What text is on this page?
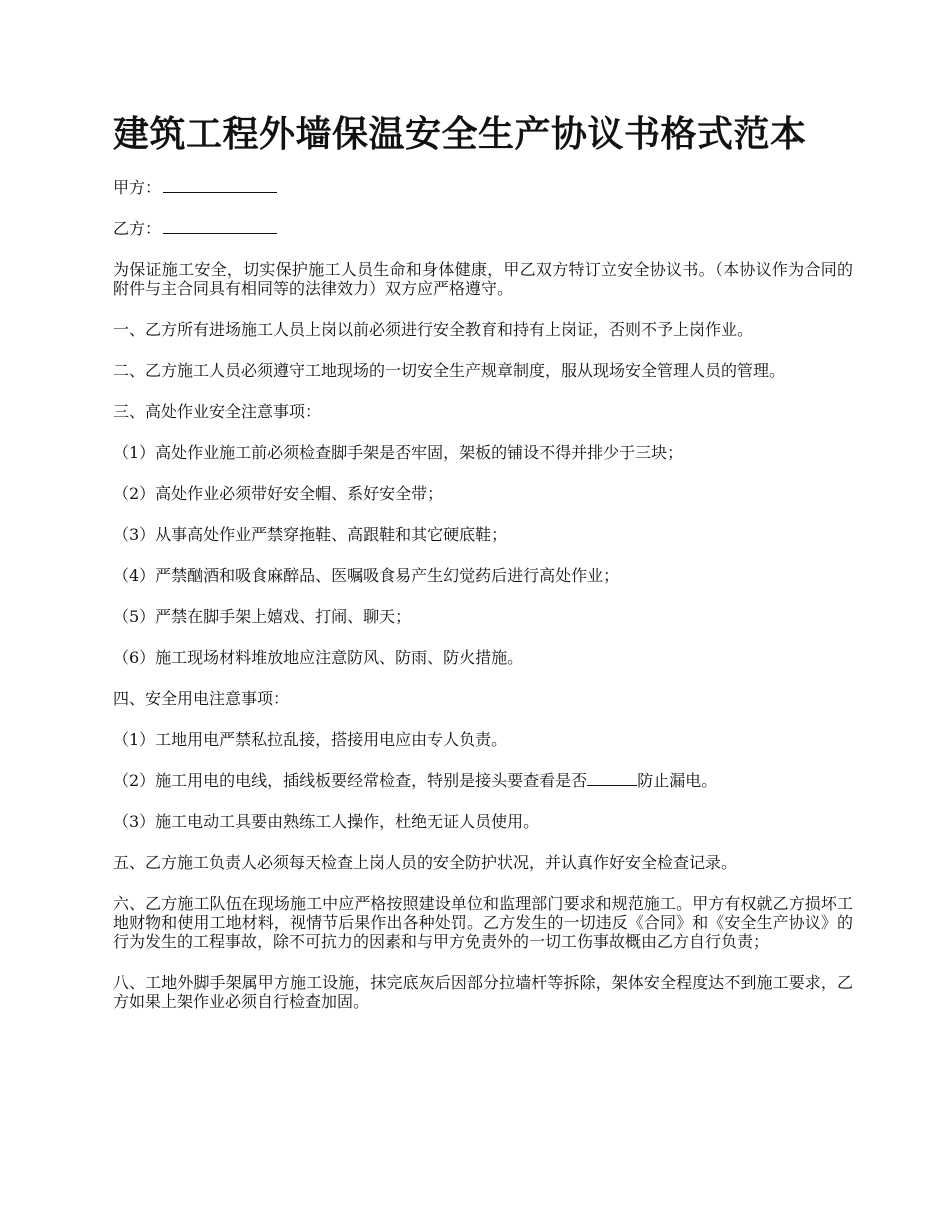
建筑工程外墙保温安全生产协议书格式范本
甲方：
乙方：

为保证施工安全，切实保护施工人员生命和身体健康，甲乙双方特订立安全协议书。（本协议作为合同的附件与主合同具有相同等的法律效力）双方应严格遵守。

一、乙方所有进场施工人员上岗以前必须进行安全教育和持有上岗证，否则不予上岗作业。

二、乙方施工人员必须遵守工地现场的一切安全生产规章制度，服从现场安全管理人员的管理。

三、高处作业安全注意事项：

（1）高处作业施工前必须检查脚手架是否牢固，架板的铺设不得并排少于三块；

（2）高处作业必须带好安全帽、系好安全带；

（3）从事高处作业严禁穿拖鞋、高跟鞋和其它硬底鞋；

（4）严禁酗酒和吸食麻醉品、医嘱吸食易产生幻觉药后进行高处作业；

（5）严禁在脚手架上嬉戏、打闹、聊天；

（6）施工现场材料堆放地应注意防风、防雨、防火措施。

四、安全用电注意事项：

（1）工地用电严禁私拉乱接，搭接用电应由专人负责。

（2）施工用电的电线，插线板要经常检查，特别是接头要查看是否	防止漏电。

（3）施工电动工具要由熟练工人操作，杜绝无证人员使用。

五、乙方施工负责人必须每天检查上岗人员的安全防护状况，并认真作好安全检查记录。

六、乙方施工队伍在现场施工中应严格按照建设单位和监理部门要求和规范施工。甲方有权就乙方损坏工地财物和使用工地材料，视情节后果作出各种处罚。乙方发生的一切违反《合同》和《安全生产协议》的行为发生的工程事故，除不可抗力的因素和与甲方免责外的一切工伤事故概由乙方自行负责；

八、工地外脚手架属甲方施工设施，抹完底灰后因部分拉墙杆等拆除，架体安全程度达不到施工要求，乙方如果上架作业必须自行检查加固。
